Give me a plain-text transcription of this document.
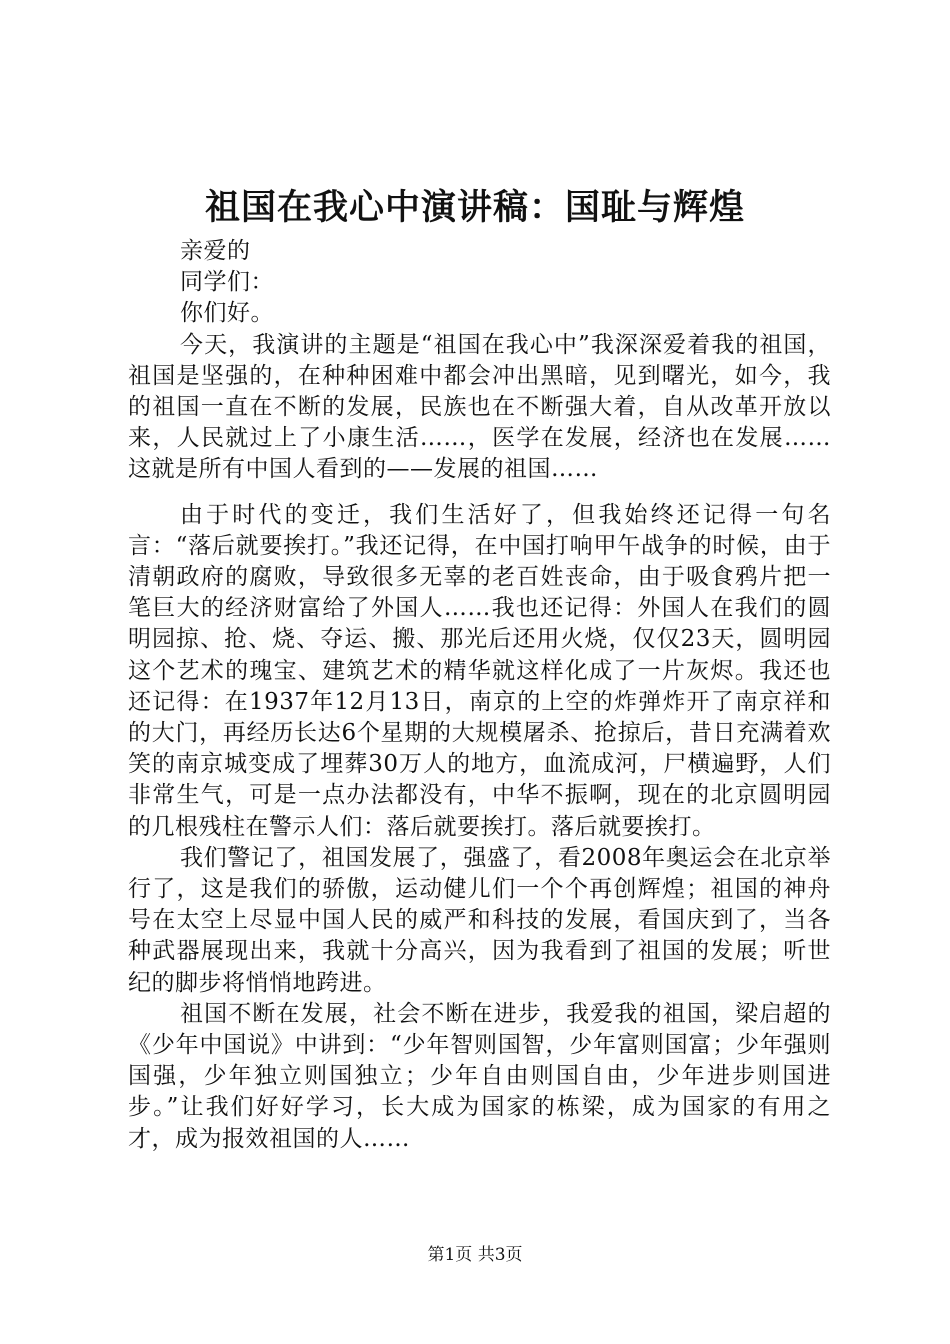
祖国在我心中演讲稿：国耻与辉煌

亲爱的

同学们：

你们好。

今天，我演讲的主题是“祖国在我心中”我深深爱着我的祖国，祖国是坚强的，在种种困难中都会冲出黑暗，见到曙光，如今，我的祖国一直在不断的发展，民族也在不断强大着，自从改革开放以来，人民就过上了小康生活……，医学在发展，经济也在发展……这就是所有中国人看到的——发展的祖国……

由于时代的变迁，我们生活好了，但我始终还记得一句名言：“落后就要挨打。”我还记得，在中国打响甲午战争的时候，由于清朝政府的腐败，导致很多无辜的老百姓丧命，由于吸食鸦片把一笔巨大的经济财富给了外国人……我也还记得：外国人在我们的圆明园掠、抢、烧、夺运、搬、那光后还用火烧，仅仅23天，圆明园这个艺术的瑰宝、建筑艺术的精华就这样化成了一片灰烬。我还也还记得：在1937年12月13日，南京的上空的炸弹炸开了南京祥和的大门，再经历长达6个星期的大规模屠杀、抢掠后，昔日充满着欢笑的南京城变成了埋葬30万人的地方，血流成河，尸横遍野，人们非常生气，可是一点办法都没有，中华不振啊，现在的北京圆明园的几根残柱在警示人们：落后就要挨打。落后就要挨打。

我们警记了，祖国发展了，强盛了，看2008年奥运会在北京举行了，这是我们的骄傲，运动健儿们一个个再创辉煌；祖国的神舟号在太空上尽显中国人民的威严和科技的发展，看国庆到了，当各种武器展现出来，我就十分高兴，因为我看到了祖国的发展；听世纪的脚步将悄悄地跨进。

祖国不断在发展，社会不断在进步，我爱我的祖国，梁启超的《少年中国说》中讲到：“少年智则国智，少年富则国富；少年强则国强，少年独立则国独立；少年自由则国自由，少年进步则国进步。”让我们好好学习，长大成为国家的栋梁，成为国家的有用之才，成为报效祖国的人……

第1页 共3页
